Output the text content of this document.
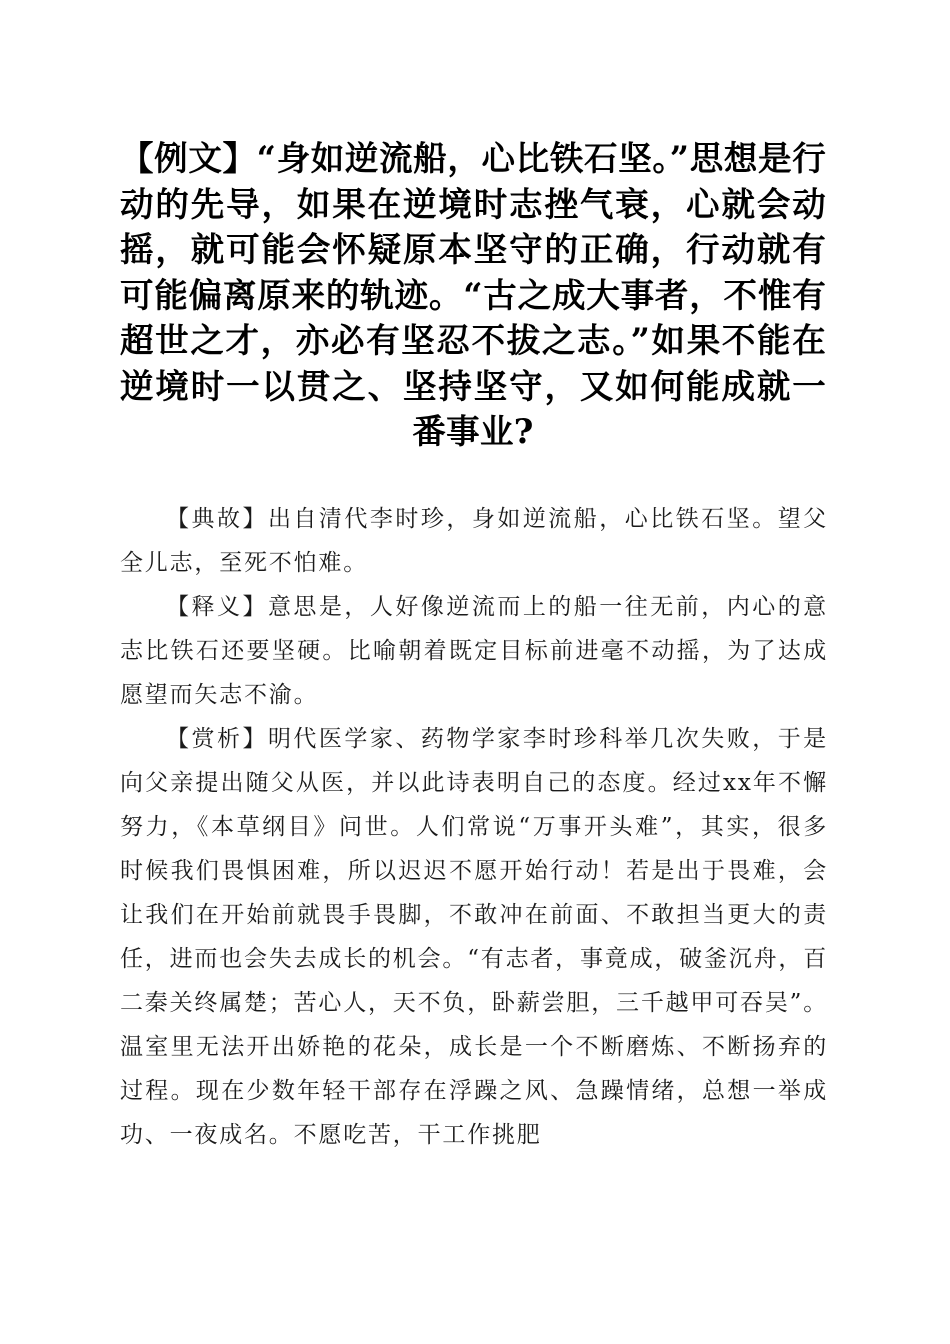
【例文】“身如逆流船，心比铁石坚。”思想是行动的先导，如果在逆境时志挫气衰，心就会动摇，就可能会怀疑原本坚守的正确，行动就有可能偏离原来的轨迹。“古之成大事者，不惟有超世之才，亦必有坚忍不拔之志。”如果不能在逆境时一以贯之、坚持坚守，又如何能成就一番事业?

【典故】出自清代李时珍，身如逆流船，心比铁石坚。望父全儿志，至死不怕难。

【释义】意思是，人好像逆流而上的船一往无前，内心的意志比铁石还要坚硬。比喻朝着既定目标前进毫不动摇，为了达成愿望而矢志不渝。

【赏析】明代医学家、药物学家李时珍科举几次失败，于是向父亲提出随父从医，并以此诗表明自己的态度。经过xx年不懈努力，《本草纲目》问世。人们常说“万事开头难”，其实，很多时候我们畏惧困难，所以迟迟不愿开始行动！若是出于畏难，会让我们在开始前就畏手畏脚，不敢冲在前面、不敢担当更大的责任，进而也会失去成长的机会。“有志者，事竟成，破釜沉舟，百二秦关终属楚；苦心人，天不负，卧薪尝胆，三千越甲可吞吴”。温室里无法开出娇艳的花朵，成长是一个不断磨炼、不断扬弃的过程。现在少数年轻干部存在浮躁之风、急躁情绪，总想一举成功、一夜成名。不愿吃苦，干工作挑肥
